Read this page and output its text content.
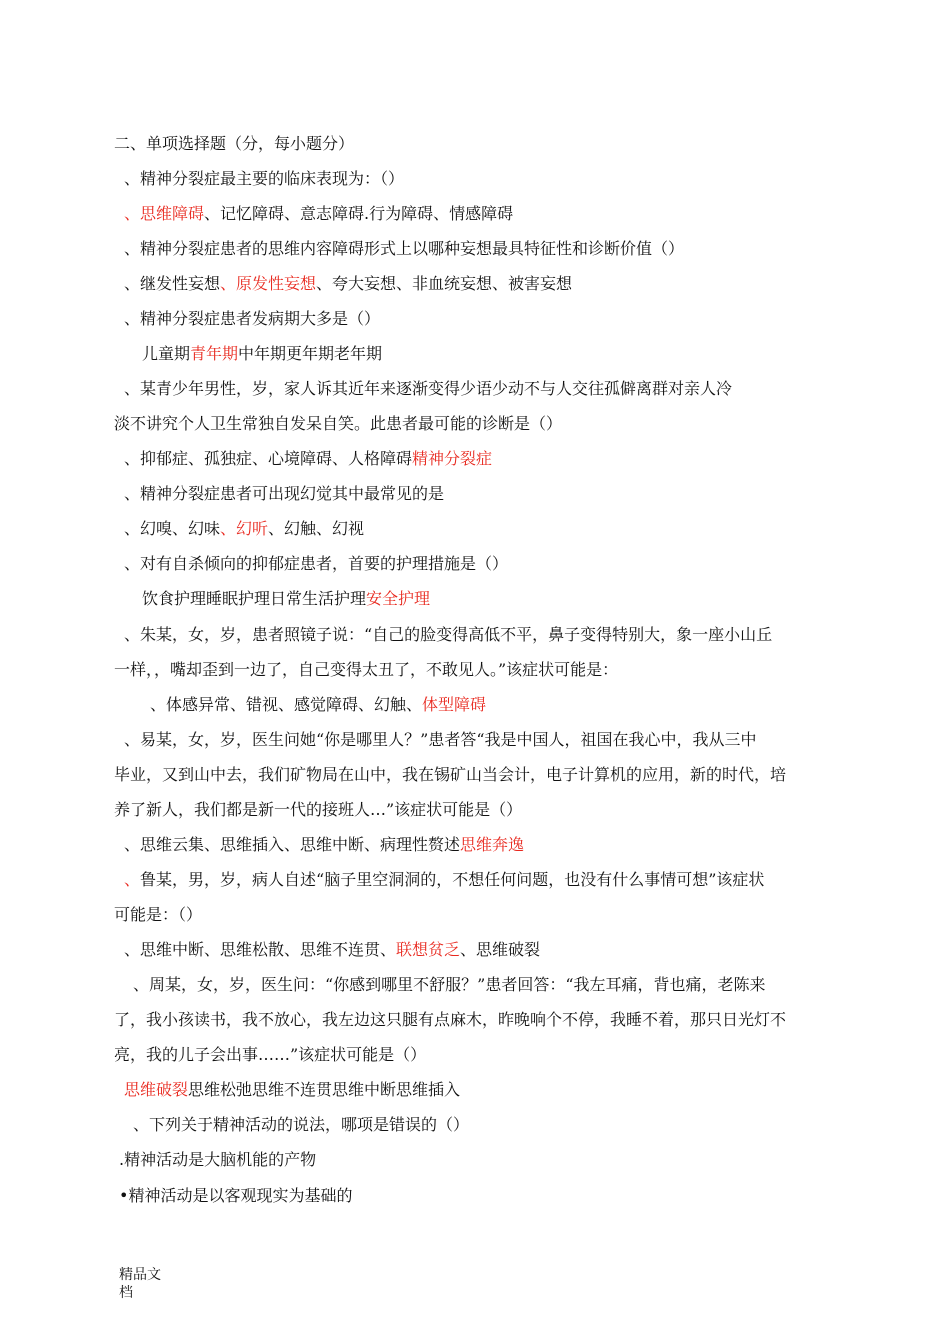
二、单项选择题（分，每小题分）
、精神分裂症最主要的临床表现为：（）
、思维障碍、记忆障碍、意志障碍.行为障碍、情感障碍
、精神分裂症患者的思维内容障碍形式上以哪种妄想最具特征性和诊断价值（）
、继发性妄想、原发性妄想、夸大妄想、非血统妄想、被害妄想
、精神分裂症患者发病期大多是（）
儿童期青年期中年期更年期老年期
、某青少年男性，岁，家人诉其近年来逐渐变得少语少动不与人交往孤僻离群对亲人冷
淡不讲究个人卫生常独自发呆自笑。此患者最可能的诊断是（）
、抑郁症、孤独症、心境障碍、人格障碍精神分裂症
、精神分裂症患者可出现幻觉其中最常见的是
、幻嗅、幻味、幻听、幻触、幻视
、对有自杀倾向的抑郁症患者，首要的护理措施是（）
饮食护理睡眠护理日常生活护理安全护理
、朱某，女，岁，患者照镜子说：“自己的脸变得高低不平，鼻子变得特别大，象一座小山丘
一样，，嘴却歪到一边了，自己变得太丑了，不敢见人。”该症状可能是：
、体感异常、错视、感觉障碍、幻触、体型障碍
、易某，女，岁，医生问她“你是哪里人？”患者答“我是中国人，祖国在我心中，我从三中
毕业，又到山中去，我们矿物局在山中，我在锡矿山当会计，电子计算机的应用，新的时代，培
养了新人，我们都是新一代的接班人…”该症状可能是（）
、思维云集、思维插入、思维中断、病理性赘述思维奔逸
、鲁某，男，岁，病人自述“脑子里空洞洞的，不想任何问题，也没有什么事情可想”该症状
可能是：（）
、思维中断、思维松散、思维不连贯、联想贫乏、思维破裂
、周某，女，岁，医生问：“你感到哪里不舒服？”患者回答：“我左耳痛，背也痛，老陈来
了，我小孩读书，我不放心，我左边这只腿有点麻木，昨晚响个不停，我睡不着，那只日光灯不
亮，我的儿子会出事……”该症状可能是（）
思维破裂思维松弛思维不连贯思维中断思维插入
、下列关于精神活动的说法，哪项是错误的（）
.精神活动是大脑机能的产物
•精神活动是以客观现实为基础的
精品文
档
